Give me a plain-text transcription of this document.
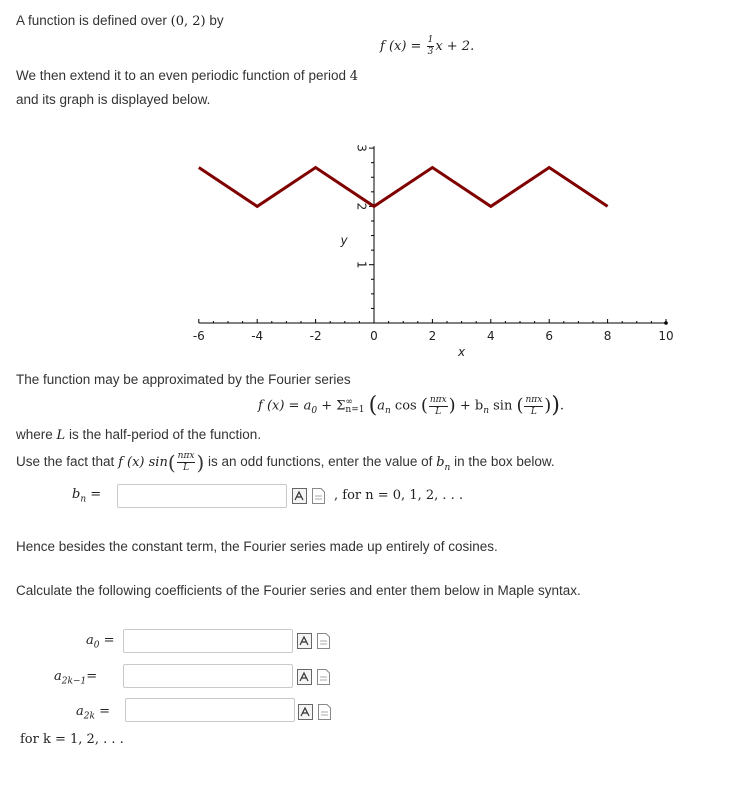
A function is defined over (0, 2) by
f $(x) = \frac{1}{3}$ x + 2.
We then extend it to an even periodic function of period 4
and its graph is displayed below.
-6	-4	-2	0	2	4	6	8	10
1
2
3
x
y
The function may be approximated by the Fourier series
f $(x) = a_0 + \Sigma$ ∞
n=1 ($a_n$ cos ( $\frac{\text{nπx}}{L}$ ) + $b_n$ sin ( $\frac{\text{nπx}}{L}$ )).
where L is the half-period of the function.
Use the fact that f (x) $\sin( \frac{\text{nπx}}{L}$ ) is an odd functions, enter the value of $b_n$ in the box below.
$b_n$ =	, for n = 0, 1, 2, . . .
Hence besides the constant term, the Fourier series made up entirely of cosines.
Calculate the following coefficients of the Fourier series and enter them below in Maple syntax.
$a_0$ =
$a_{2k-1}=$
$a_{2k}$ =
for k = 1, 2, . . .
